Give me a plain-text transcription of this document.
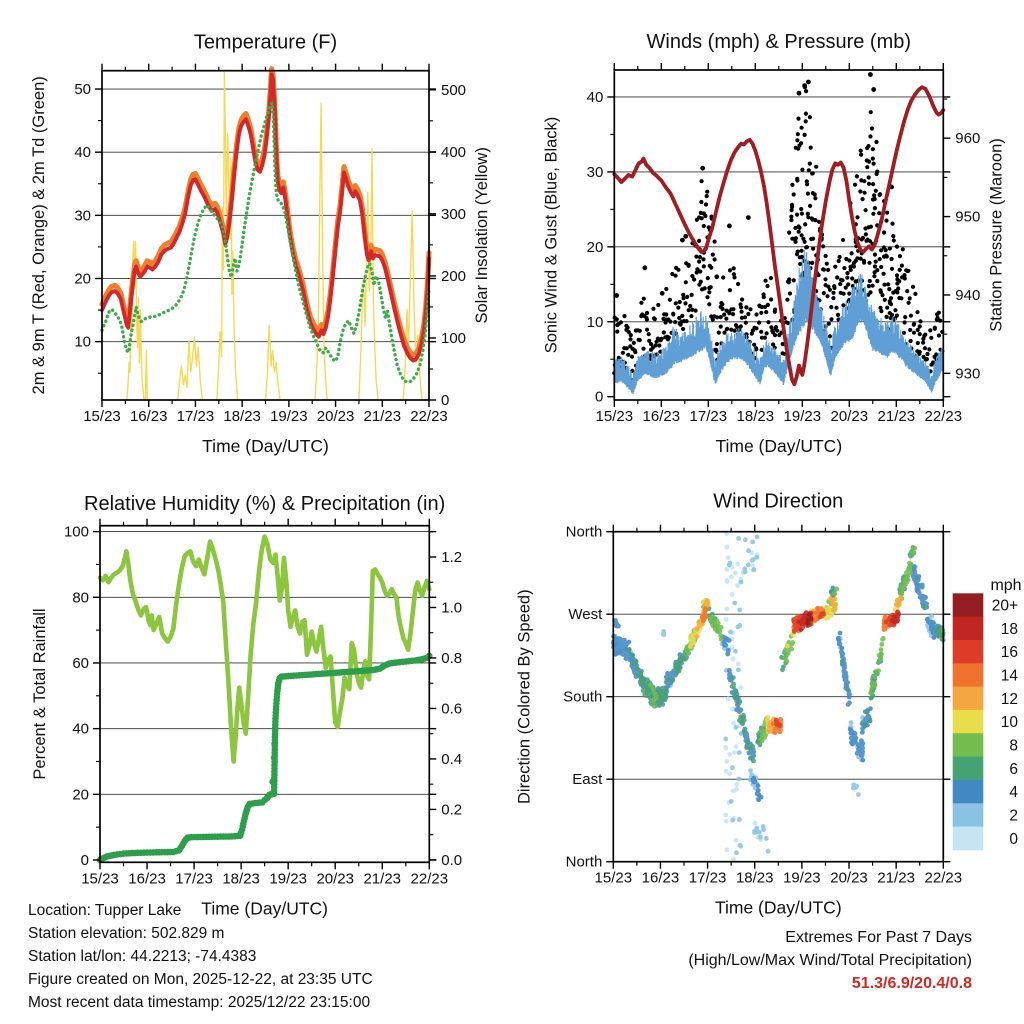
15/23 16/23 17/23 18/23 19/23 20/23 21/23 22/23
10
20
30
40
50
0
100
200
300
400
500
Temperature (F)
Time (Day/UTC)
2m & 9m T (Red, Orange) & 2m Td (Green)	Solar Insolation (Yellow)
15/23 16/23 17/23 18/23 19/23 20/23 21/23 22/23
0
10
20
30
40
930
940
950
960
Winds (mph) & Pressure (mb)
Time (Day/UTC)
Sonic Wind & Gust (Blue, Black)	Station Pressure (Maroon)
15/23 16/23 17/23 18/23 19/23 20/23 21/23 22/23
0
20
40
60
80
100
0.0
0.2
0.4
0.6
0.8
1.0
1.2
Relative Humidity (%) & Precipitation (in)
Time (Day/UTC)
Percent & Total Rainfall
15/23 16/23 17/23 18/23 19/23 20/23 21/23 22/23
North
West
South
East
North
Wind Direction
Time (Day/UTC)
Direction (Colored By Speed)
mph
20+
18
16
14
12
10
8
6
4
2
0
Location: Tupper Lake
Station elevation: 502.829 m
Station lat/lon: 44.2213; -74.4383
Figure created on Mon, 2025-12-22, at 23:35 UTC
Most recent data timestamp: 2025/12/22 23:15:00
Extremes For Past 7 Days
(High/Low/Max Wind/Total Precipitation)
51.3/6.9/20.4/0.8
